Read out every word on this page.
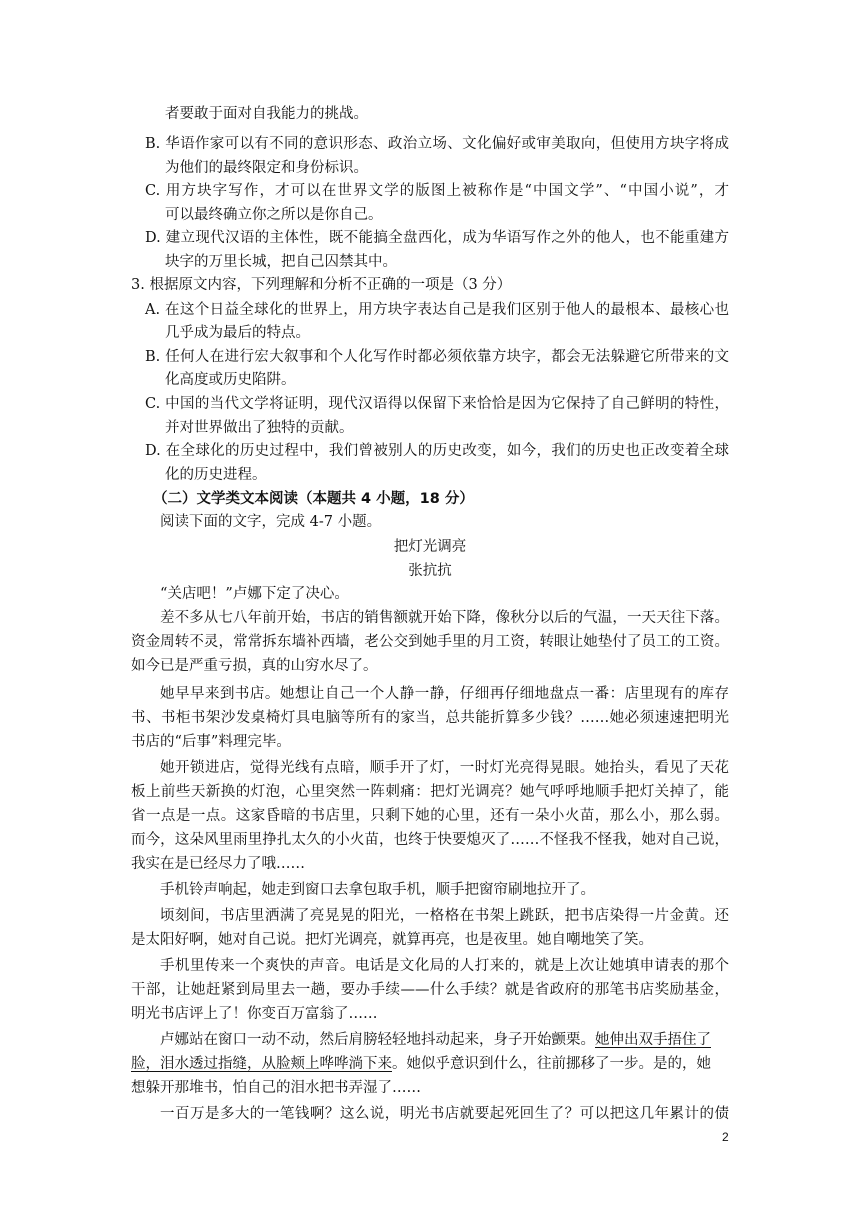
者要敢于面对自我能力的挑战。
B. 华语作家可以有不同的意识形态、政治立场、文化偏好或审美取向，但使用方块字将成
为他们的最终限定和身份标识。
C. 用方块字写作，才可以在世界文学的版图上被称作是“中国文学”、“中国小说”，才
可以最终确立你之所以是你自己。
D. 建立现代汉语的主体性，既不能搞全盘西化，成为华语写作之外的他人，也不能重建方
块字的万里长城，把自己囚禁其中。
3. 根据原文内容，下列理解和分析不正确的一项是（3 分）
A. 在这个日益全球化的世界上，用方块字表达自己是我们区别于他人的最根本、最核心也
几乎成为最后的特点。
B. 任何人在进行宏大叙事和个人化写作时都必须依靠方块字，都会无法躲避它所带来的文
化高度或历史陷阱。
C. 中国的当代文学将证明，现代汉语得以保留下来恰恰是因为它保持了自己鲜明的特性，
并对世界做出了独特的贡献。
D. 在全球化的历史过程中，我们曾被别人的历史改变，如今，我们的历史也正改变着全球
化的历史进程。
（二）文学类文本阅读（本题共 4 小题，18 分）
阅读下面的文字，完成 4-7 小题。
把灯光调亮
张抗抗
“关店吧！”卢娜下定了决心。
差不多从七八年前开始，书店的销售额就开始下降，像秋分以后的气温，一天天往下落。
资金周转不灵，常常拆东墙补西墙，老公交到她手里的月工资，转眼让她垫付了员工的工资。
如今已是严重亏损，真的山穷水尽了。
她早早来到书店。她想让自己一个人静一静，仔细再仔细地盘点一番：店里现有的库存
书、书柜书架沙发桌椅灯具电脑等所有的家当，总共能折算多少钱？……她必须速速把明光
书店的“后事”料理完毕。
她开锁进店，觉得光线有点暗，顺手开了灯，一时灯光亮得晃眼。她抬头，看见了天花
板上前些天新换的灯泡，心里突然一阵刺痛：把灯光调亮？她气呼呼地顺手把灯关掉了，能
省一点是一点。这家昏暗的书店里，只剩下她的心里，还有一朵小火苗，那么小，那么弱。
而今，这朵风里雨里挣扎太久的小火苗，也终于快要熄灭了……不怪我不怪我，她对自己说，
我实在是已经尽力了哦……
手机铃声响起，她走到窗口去拿包取手机，顺手把窗帘刷地拉开了。
顷刻间，书店里洒满了亮晃晃的阳光，一格格在书架上跳跃，把书店染得一片金黄。还
是太阳好啊，她对自己说。把灯光调亮，就算再亮，也是夜里。她自嘲地笑了笑。
手机里传来一个爽快的声音。电话是文化局的人打来的，就是上次让她填申请表的那个
干部，让她赶紧到局里去一趟，要办手续——什么手续？就是省政府的那笔书店奖励基金，
明光书店评上了！你变百万富翁了……
卢娜站在窗口一动不动，然后肩膀轻轻地抖动起来，身子开始颤栗。她伸出双手捂住了
脸，泪水透过指缝，从脸颊上哗哗淌下来。她似乎意识到什么，往前挪移了一步。是的，她
想躲开那堆书，怕自己的泪水把书弄湿了……
一百万是多大的一笔钱啊？这么说，明光书店就要起死回生了？可以把这几年累计的债
2
